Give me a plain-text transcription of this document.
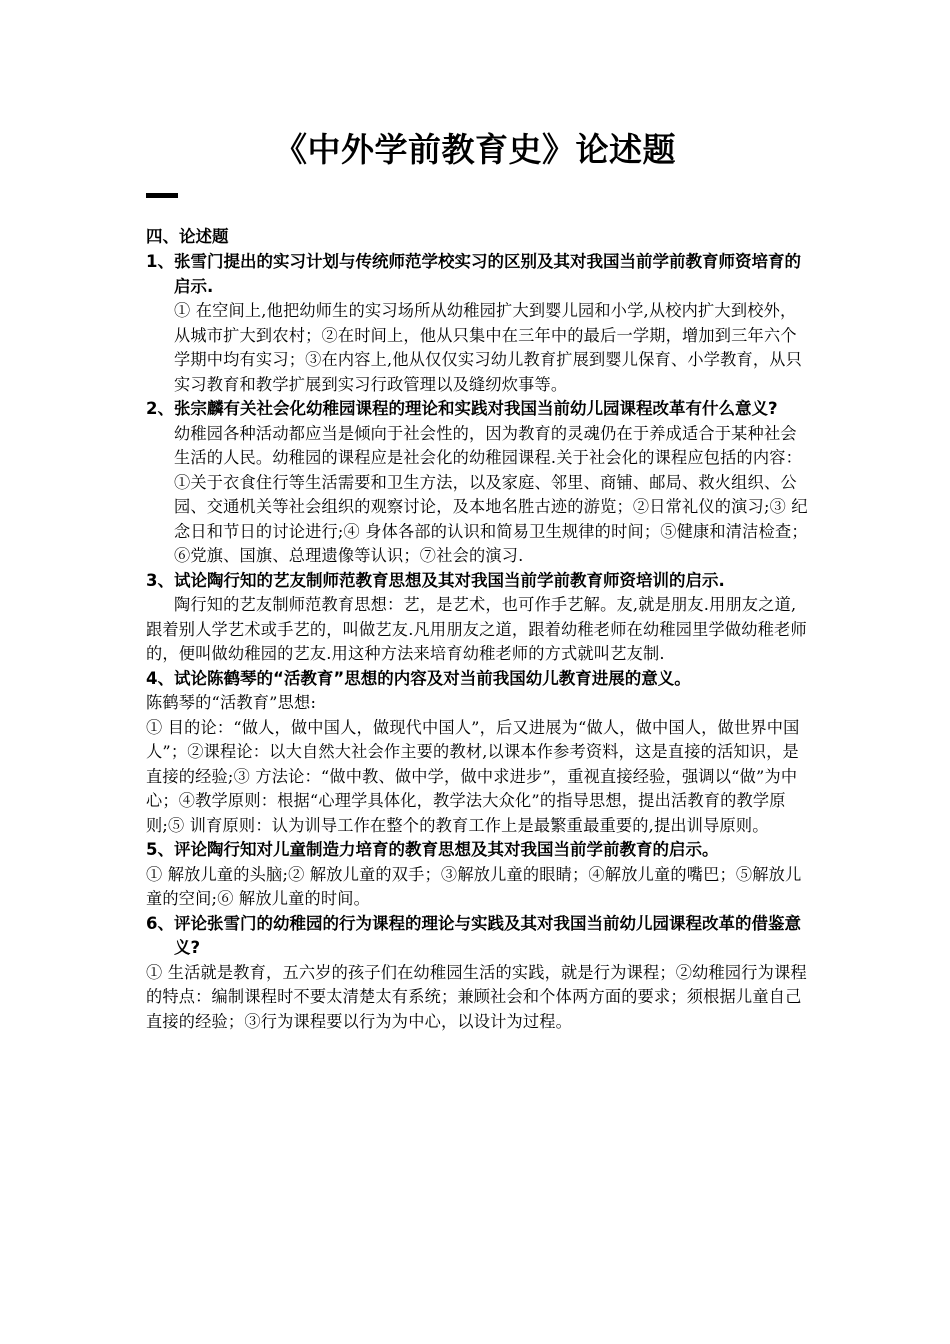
《中外学前教育史》论述题

四、论述题

1、张雪门提出的实习计划与传统师范学校实习的区别及其对我国当前学前教育师资培育的启示.

① 在空间上,他把幼师生的实习场所从幼稚园扩大到婴儿园和小学,从校内扩大到校外，从城市扩大到农村；②在时间上，他从只集中在三年中的最后一学期，增加到三年六个学期中均有实习；③在内容上,他从仅仅实习幼儿教育扩展到婴儿保育、小学教育，从只实习教育和教学扩展到实习行政管理以及缝纫炊事等。

2、张宗麟有关社会化幼稚园课程的理论和实践对我国当前幼儿园课程改革有什么意义?

幼稚园各种活动都应当是倾向于社会性的，因为教育的灵魂仍在于养成适合于某种社会生活的人民。幼稚园的课程应是社会化的幼稚园课程.关于社会化的课程应包括的内容：①关于衣食住行等生活需要和卫生方法，以及家庭、邻里、商铺、邮局、救火组织、公园、交通机关等社会组织的观察讨论，及本地名胜古迹的游览；②日常礼仪的演习;③ 纪念日和节日的讨论进行;④ 身体各部的认识和简易卫生规律的时间；⑤健康和清洁检查；⑥党旗、国旗、总理遗像等认识；⑦社会的演习.

3、试论陶行知的艺友制师范教育思想及其对我国当前学前教育师资培训的启示.

陶行知的艺友制师范教育思想：艺，是艺术，也可作手艺解。友,就是朋友.用朋友之道,跟着别人学艺术或手艺的，叫做艺友.凡用朋友之道，跟着幼稚老师在幼稚园里学做幼稚老师的，便叫做幼稚园的艺友.用这种方法来培育幼稚老师的方式就叫艺友制.

4、试论陈鹤琴的“活教育”思想的内容及对当前我国幼儿教育进展的意义。

陈鹤琴的“活教育”思想:
① 目的论：“做人，做中国人，做现代中国人”，后又进展为“做人，做中国人，做世界中国人”；②课程论：以大自然大社会作主要的教材,以课本作参考资料，这是直接的活知识，是直接的经验;③ 方法论：“做中教、做中学，做中求进步”，重视直接经验，强调以“做”为中心；④教学原则：根据“心理学具体化，教学法大众化”的指导思想，提出活教育的教学原则;⑤ 训育原则：认为训导工作在整个的教育工作上是最繁重最重要的,提出训导原则。

5、评论陶行知对儿童制造力培育的教育思想及其对我国当前学前教育的启示。

① 解放儿童的头脑;② 解放儿童的双手；③解放儿童的眼睛；④解放儿童的嘴巴；⑤解放儿童的空间;⑥ 解放儿童的时间。

6、评论张雪门的幼稚园的行为课程的理论与实践及其对我国当前幼儿园课程改革的借鉴意义?

① 生活就是教育，五六岁的孩子们在幼稚园生活的实践，就是行为课程；②幼稚园行为课程的特点：编制课程时不要太清楚太有系统；兼顾社会和个体两方面的要求；须根据儿童自己直接的经验；③行为课程要以行为为中心，以设计为过程。
